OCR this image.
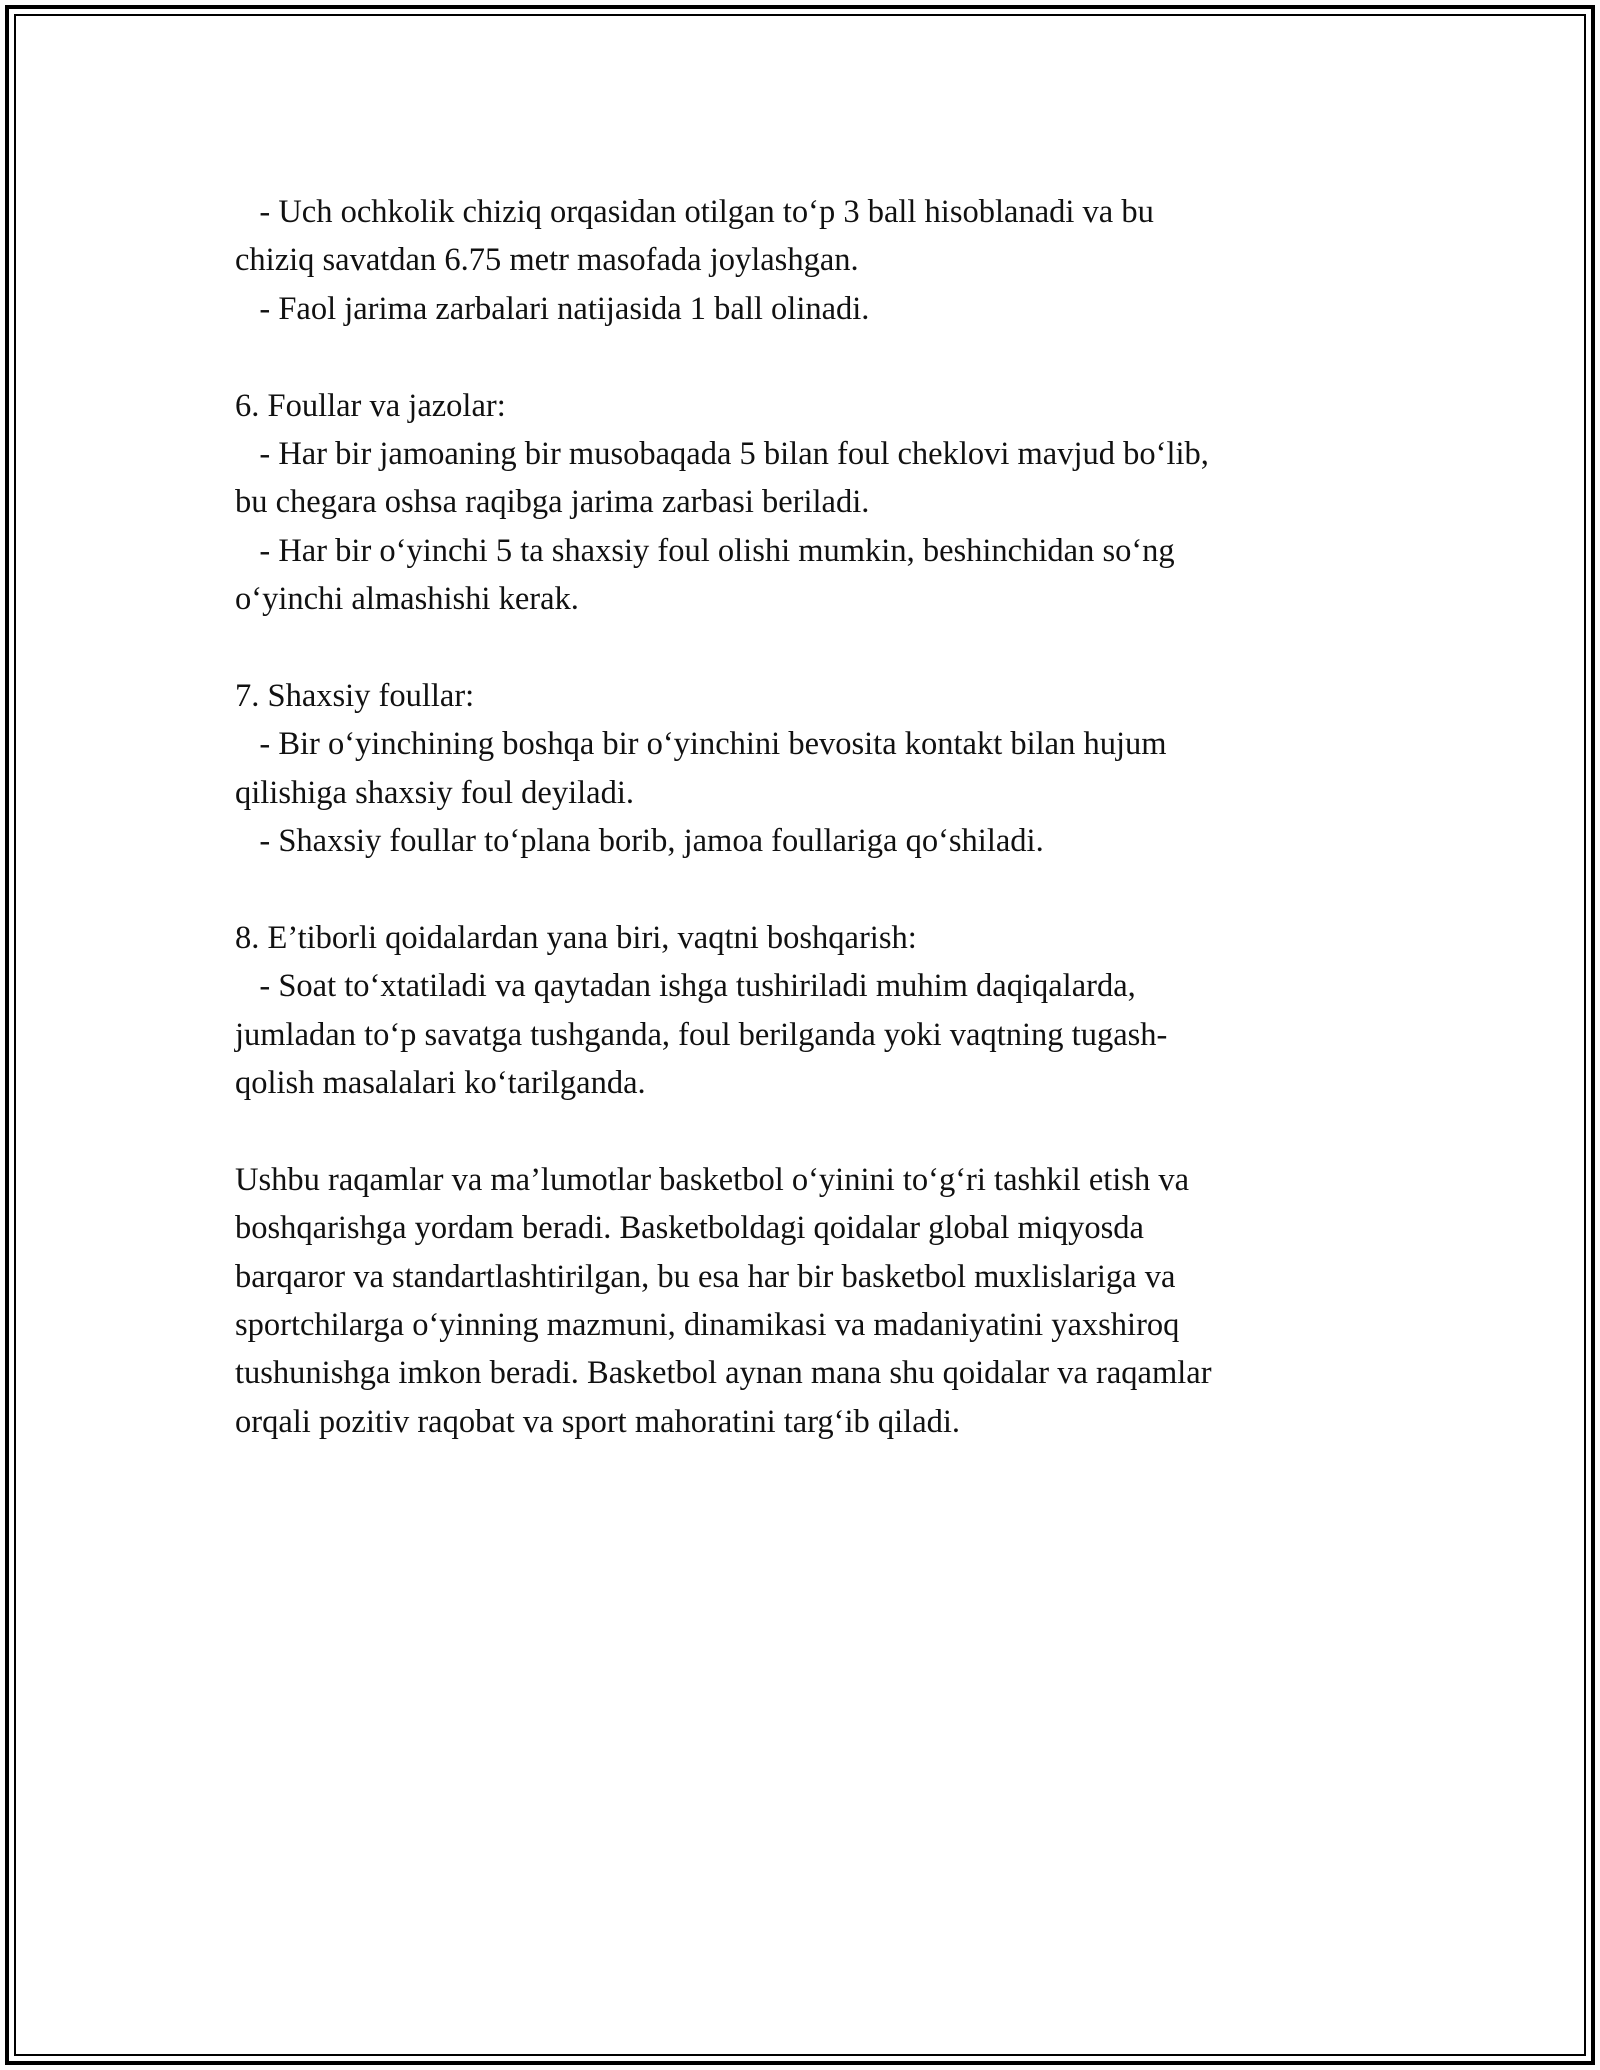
- Uch ochkolik chiziq orqasidan otilgan to‘p 3 ball hisoblanadi va bu

chiziq savatdan 6.75 metr masofada joylashgan.

- Faol jarima zarbalari natijasida 1 ball olinadi.

6. Foullar va jazolar:

- Har bir jamoaning bir musobaqada 5 bilan foul cheklovi mavjud bo‘lib,

bu chegara oshsa raqibga jarima zarbasi beriladi.

- Har bir o‘yinchi 5 ta shaxsiy foul olishi mumkin, beshinchidan so‘ng

o‘yinchi almashishi kerak.

7. Shaxsiy foullar:

- Bir o‘yinchining boshqa bir o‘yinchini bevosita kontakt bilan hujum

qilishiga shaxsiy foul deyiladi.

- Shaxsiy foullar to‘plana borib, jamoa foullariga qo‘shiladi.

8. E’tiborli qoidalardan yana biri, vaqtni boshqarish:

- Soat to‘xtatiladi va qaytadan ishga tushiriladi muhim daqiqalarda,

jumladan to‘p savatga tushganda, foul berilganda yoki vaqtning tugash-

qolish masalalari ko‘tarilganda.

Ushbu raqamlar va ma’lumotlar basketbol o‘yinini to‘g‘ri tashkil etish va

boshqarishga yordam beradi. Basketboldagi qoidalar global miqyosda

barqaror va standartlashtirilgan, bu esa har bir basketbol muxlislariga va

sportchilarga o‘yinning mazmuni, dinamikasi va madaniyatini yaxshiroq

tushunishga imkon beradi. Basketbol aynan mana shu qoidalar va raqamlar

orqali pozitiv raqobat va sport mahoratini targ‘ib qiladi.
